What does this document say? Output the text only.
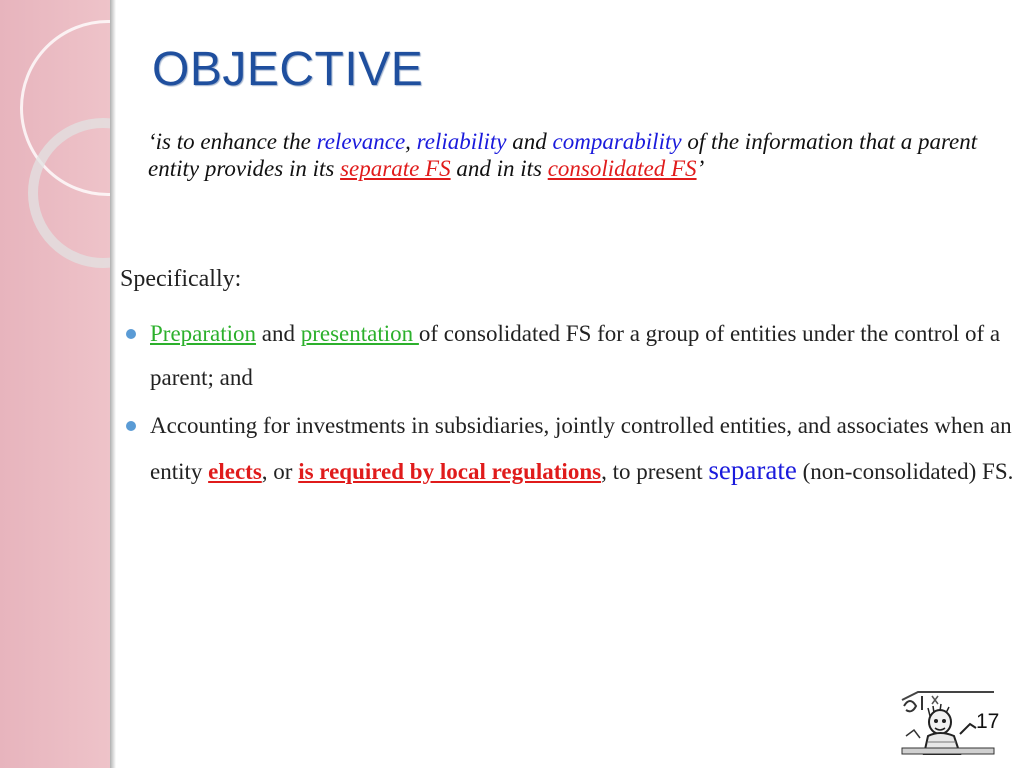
OBJECTIVE
‘is to enhance the relevance, reliability and comparability of the information that a parent entity provides in its separate FS and in its consolidated FS’
Specifically:
Preparation and presentation of consolidated FS for a group of entities under the control of a parent; and
Accounting for investments in subsidiaries, jointly controlled entities, and associates when an entity elects, or is required by local regulations, to present separate (non-consolidated) FS.
17
